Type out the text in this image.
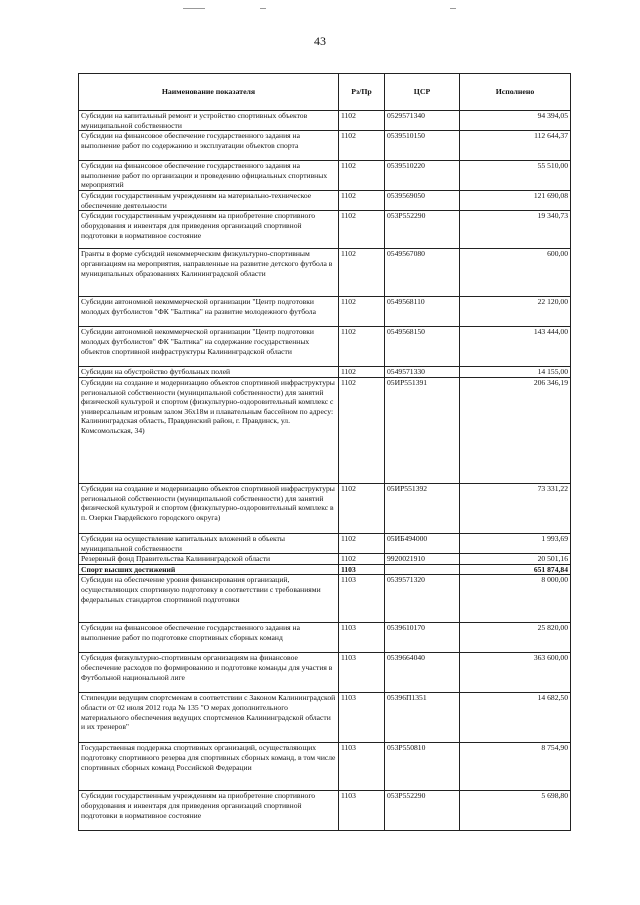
43
Наименование показателя	Рз/Пр	ЦСР	Исполнено
Субсидии на капитальный ремонт и устройство спортивных объектов муниципальной собственности	1102	0529571340	94 394,05
Субсидии на финансовое обеспечение государственного задания на выполнение работ по содержанию и эксплуатации объектов спорта	1102	0539510150	112 644,37
Субсидии на финансовое обеспечение государственного задания на выполнение работ по организации и проведению официальных спортивных мероприятий	1102	0539510220	55 510,00
Субсидии государственным учреждениям на материально-техническое обеспечение деятельности	1102	0539569050	121 690,08
Субсидии государственным учреждениям на приобретение спортивного оборудования и инвентаря для приведения организаций спортивной подготовки в нормативное состояние	1102	053P552290	19 340,73
Гранты в форме субсидий некоммерческим физкультурно-спортивным организациям на мероприятия, направленные на развитие детского футбола в муниципальных образованиях Калининградской области	1102	0549567080	600,00
Субсидии автономной некоммерческой организации "Центр подготовки молодых футболистов "ФК "Балтика" на развитие молодежного футбола	1102	0549568110	22 120,00
Субсидии автономной некоммерческой организации "Центр подготовки молодых футболистов" ФК "Балтика" на содержание государственных объектов спортивной инфраструктуры Калининградской области	1102	0549568150	143 444,00
Субсидии на обустройство футбольных полей	1102	0549571330	14 155,00
Субсидии на создание и модернизацию объектов спортивной инфраструктуры региональной собственности (муниципальной собственности) для занятий физической культурой и спортом (физкультурно-оздоровительный комплекс с универсальным игровым залом 36х18м и плавательным бассейном по адресу: Калининградская область, Правдинский район, г. Правдинск, ул. Комсомольская, 34)	1102	05ИР551391	206 346,19
Субсидии на создание и модернизацию объектов спортивной инфраструктуры региональной собственности (муниципальной собственности) для занятий физической культурой и спортом (физкультурно-оздоровительный комплекс в п. Озерки Гвардейского городского округа)	1102	05ИР551392	73 331,22
Субсидии на осуществление капитальных вложений в объекты муниципальной собственности	1102	05ИБ494000	1 993,69
Резервный фонд Правительства Калининградской области	1102	9920021910	20 501,16
Спорт высших достижений	1103		651 874,84
Субсидии на обеспечение уровня финансирования организаций, осуществляющих спортивную подготовку в соответствии с требованиями федеральных стандартов спортивной подготовки	1103	0539571320	8 000,00
Субсидии на финансовое обеспечение государственного задания на выполнение работ по подготовке спортивных сборных команд	1103	0539610170	25 820,00
Субсидия физкультурно-спортивным организациям на финансовое обеспечение расходов по формированию и подготовке команды для участия в Футбольной национальной лиге	1103	0539664040	363 600,00
Стипендии ведущим спортсменам в соответствии с Законом Калининградской области от 02 июля 2012 года № 135 "О мерах дополнительного материального обеспечения ведущих спортсменов Калининградской области и их тренеров"	1103	05396П1351	14 682,50
Государственная поддержка спортивных организаций, осуществляющих подготовку спортивного резерва для спортивных сборных команд, в том числе спортивных сборных команд Российской Федерации	1103	053P550810	8 754,90
Субсидии государственным учреждениям на приобретение спортивного оборудования и инвентаря для приведения организаций спортивной подготовки в нормативное состояние	1103	053P552290	5 698,80
